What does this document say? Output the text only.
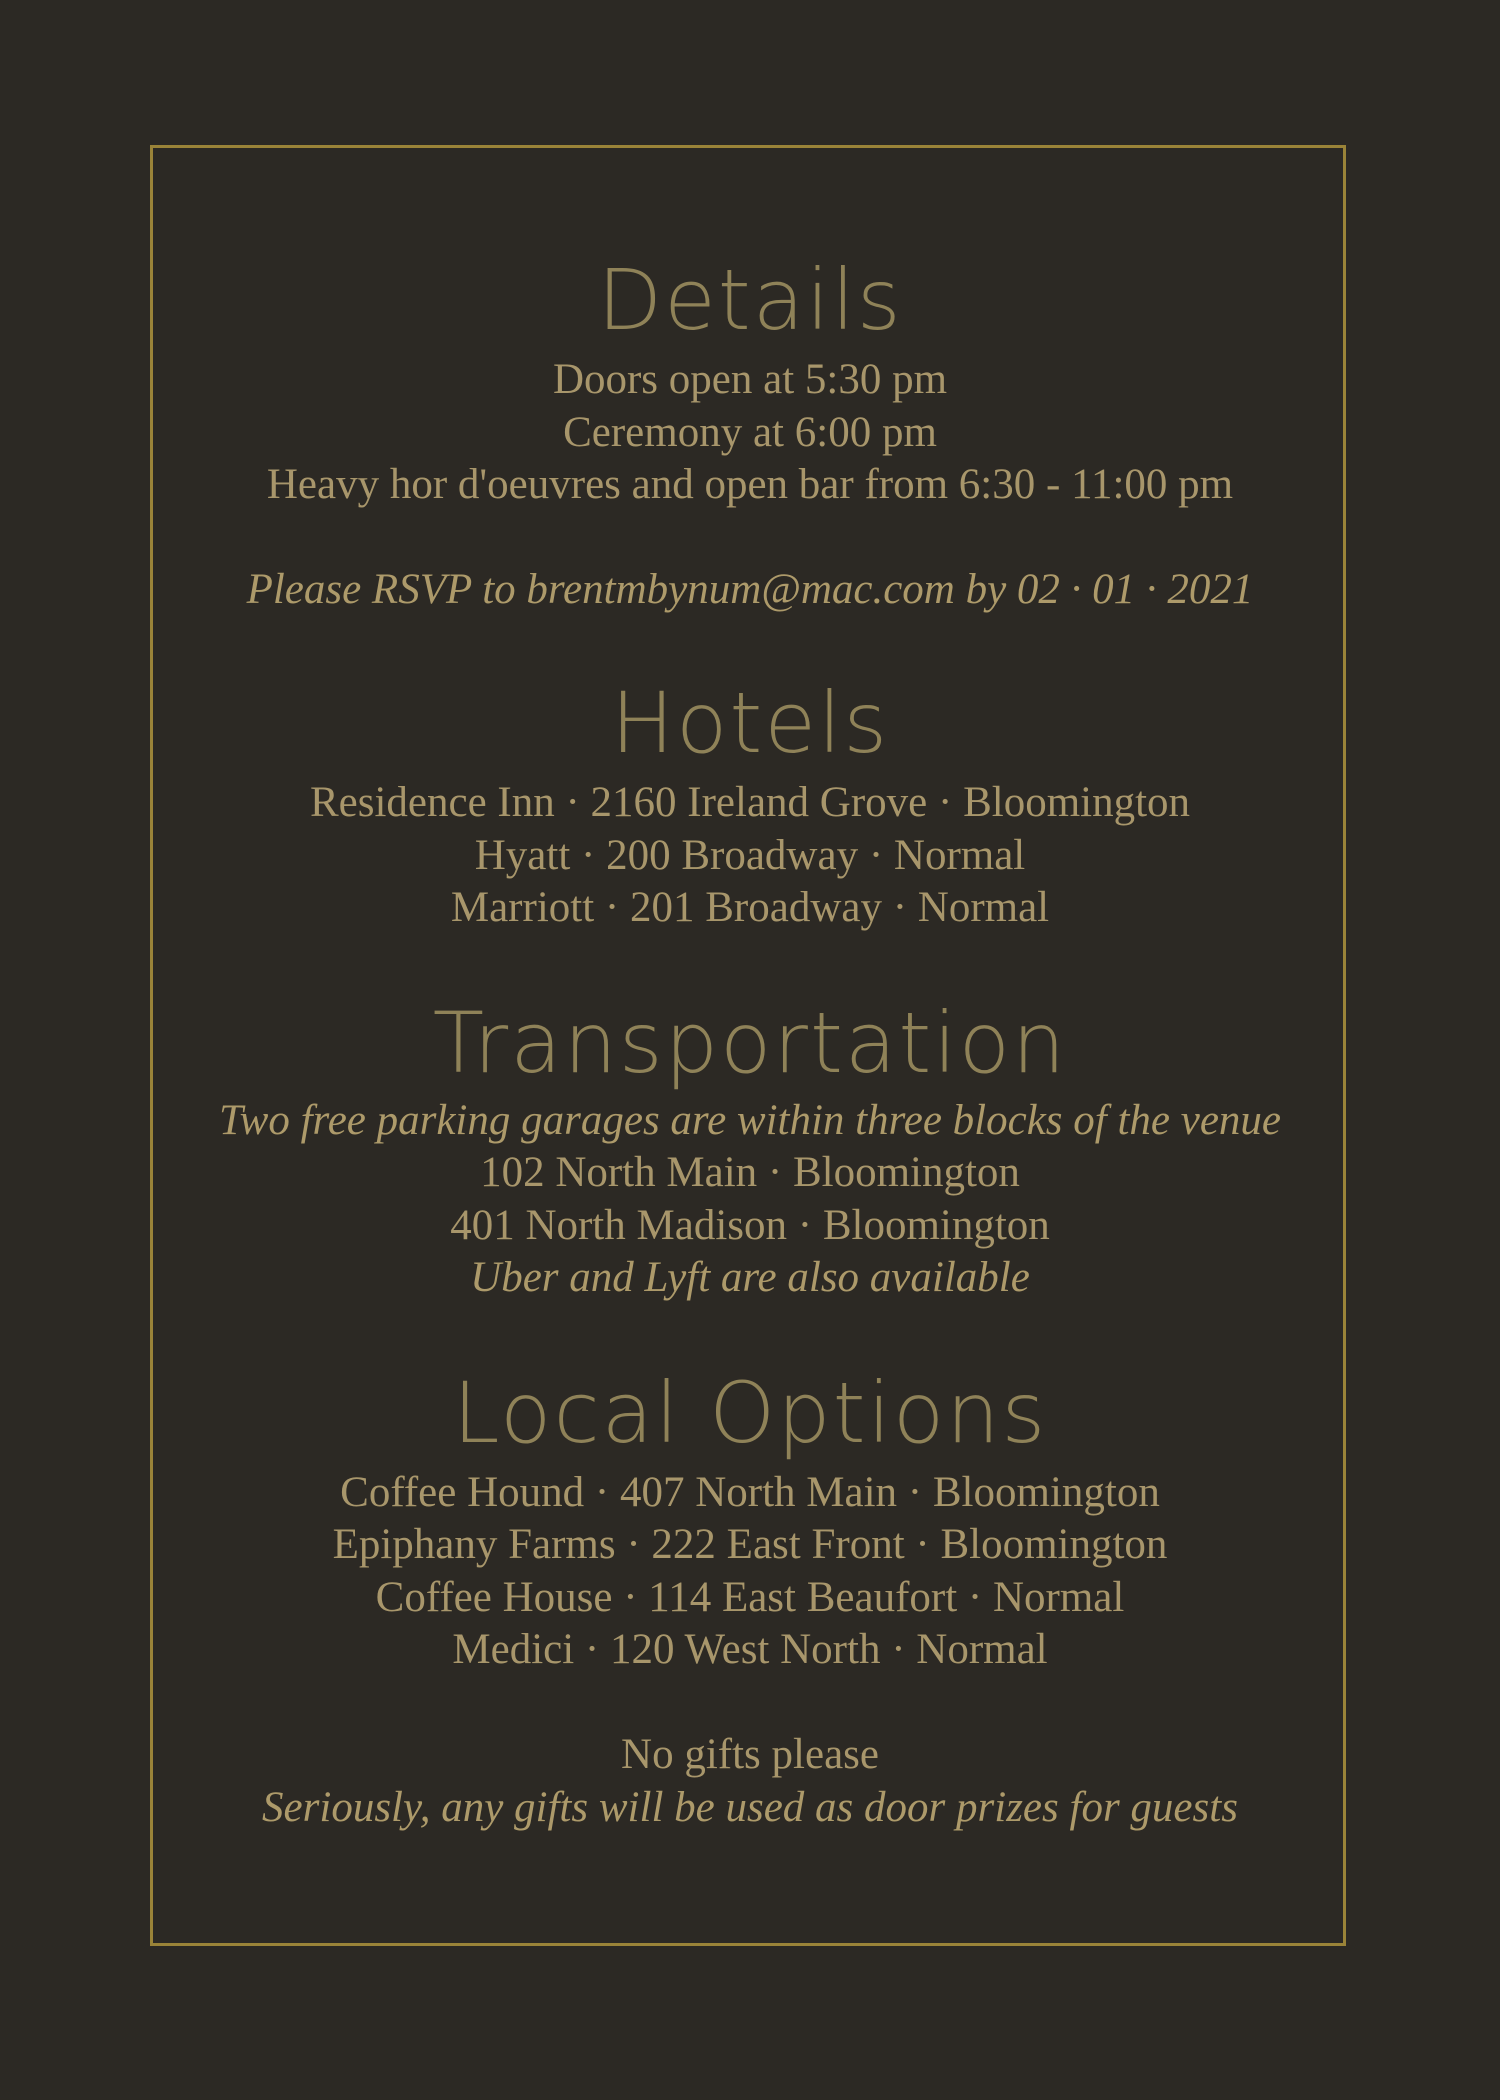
Details

Doors open at 5:30 pm

Ceremony at 6:00 pm

Heavy hor d'oeuvres and open bar from 6:30 - 11:00 pm

Please RSVP to brentmbynum@mac.com by 02 · 01 · 2021

Hotels

Residence Inn · 2160 Ireland Grove · Bloomington

Hyatt · 200 Broadway · Normal

Marriott · 201 Broadway · Normal

Transportation

Two free parking garages are within three blocks of the venue

102 North Main · Bloomington

401 North Madison · Bloomington

Uber and Lyft are also available

Local Options

Coffee Hound · 407 North Main · Bloomington

Epiphany Farms · 222 East Front · Bloomington

Coffee House · 114 East Beaufort · Normal

Medici · 120 West North · Normal

No gifts please

Seriously, any gifts will be used as door prizes for guests
